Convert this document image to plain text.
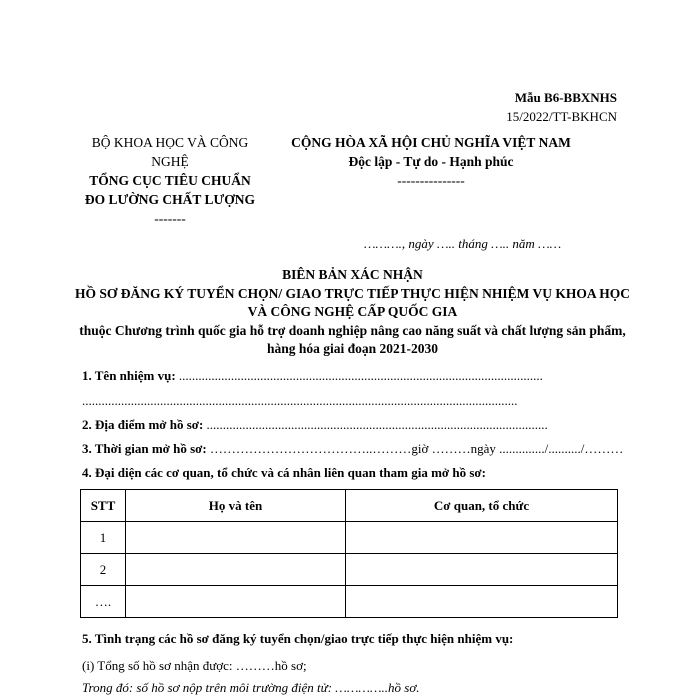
Mẫu B6-BBXNHS
15/2022/TT-BKHCN
BỘ KHOA HỌC VÀ CÔNG NGHỆ
TỔNG CỤC TIÊU CHUẨN ĐO LƯỜNG CHẤT LƯỢNG
-------
CỘNG HÒA XÃ HỘI CHỦ NGHĨA VIỆT NAM
Độc lập - Tự do - Hạnh phúc
---------------
………., ngày ….. tháng ….. năm ……
BIÊN BẢN XÁC NHẬN
HỒ SƠ ĐĂNG KÝ TUYỂN CHỌN/ GIAO TRỰC TIẾP THỰC HIỆN NHIỆM VỤ KHOA HỌC VÀ CÔNG NGHỆ CẤP QUỐC GIA
thuộc Chương trình quốc gia hỗ trợ doanh nghiệp nâng cao năng suất và chất lượng sản phẩm, hàng hóa giai đoạn 2021-2030
1. Tên nhiệm vụ: ................................................................................................................
......................................................................................................................................
2. Địa điểm mở hồ sơ: .........................................................................................................
3. Thời gian mở hồ sơ: ………………………………..………giờ ………ngày ............../........../………
4. Đại diện các cơ quan, tổ chức và cá nhân liên quan tham gia mở hồ sơ:
STT	Họ và tên	Cơ quan, tổ chức
1		
2		
….		
5. Tình trạng các hồ sơ đăng ký tuyển chọn/giao trực tiếp thực hiện nhiệm vụ:
(i) Tổng số hồ sơ nhận được: ………hồ sơ;
Trong đó: số hồ sơ nộp trên môi trường điện tử: …………..hồ sơ.
